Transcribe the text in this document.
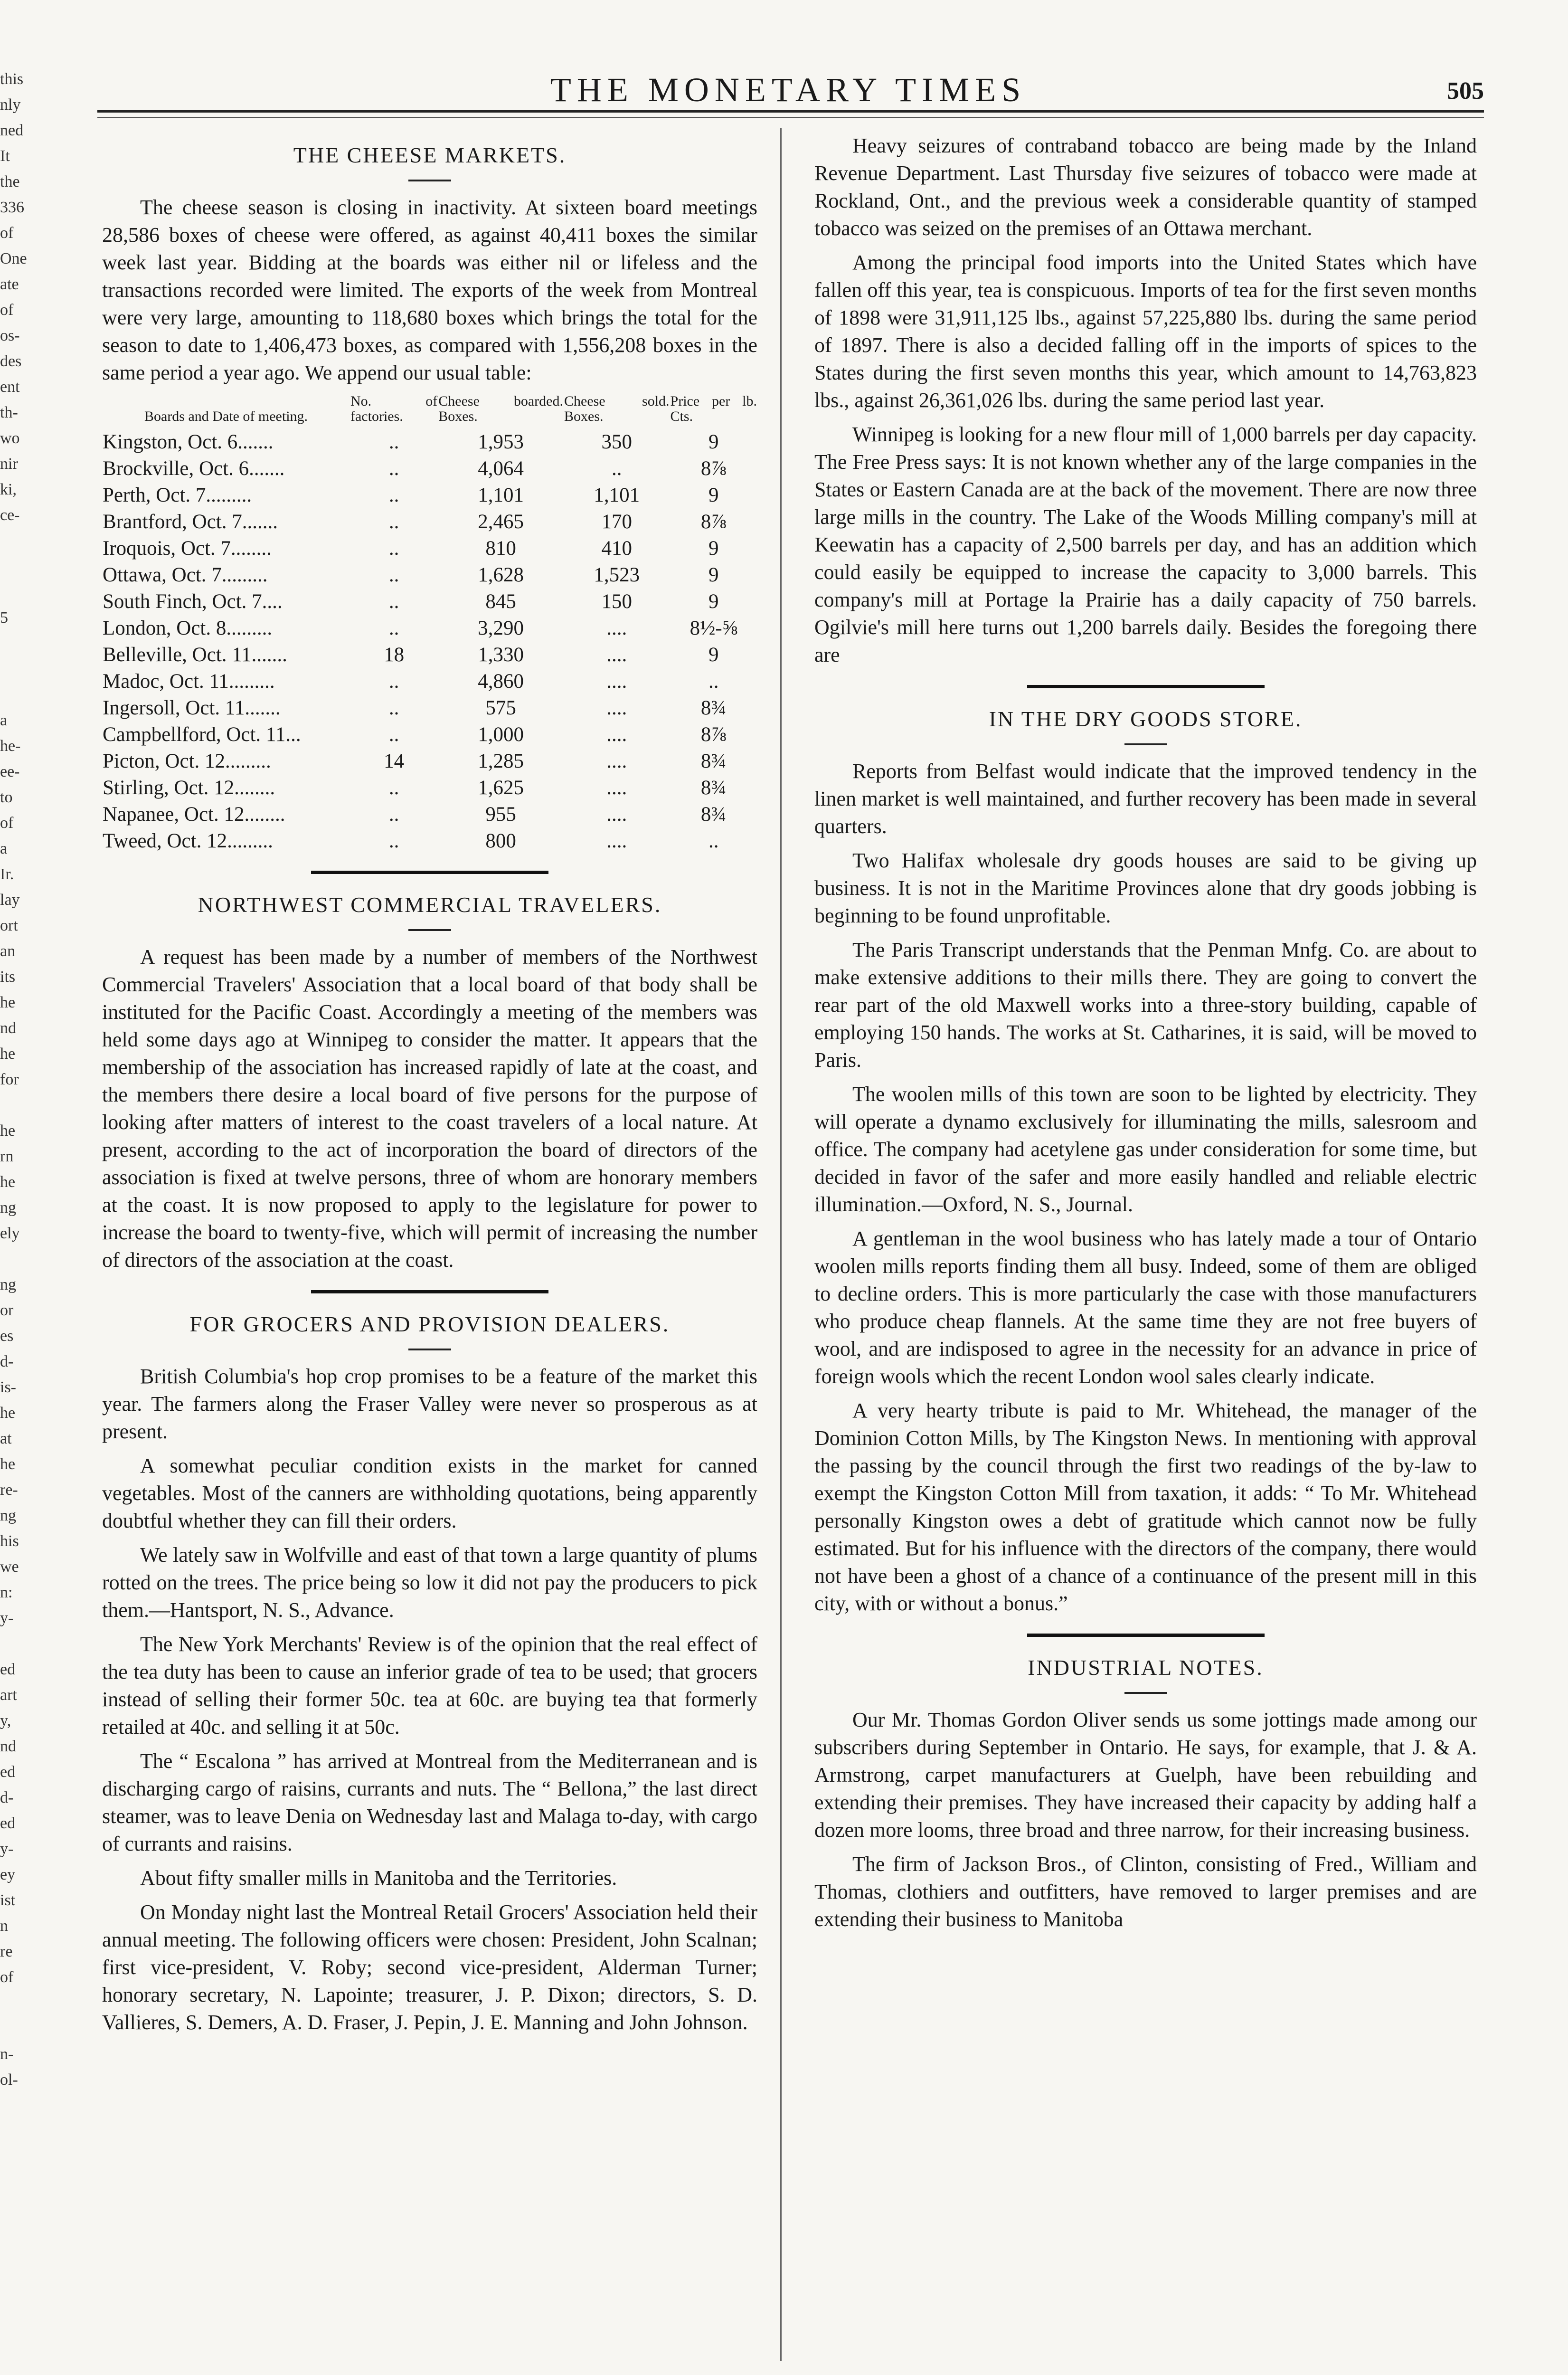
this
nly
ned
It
the
336
of
One
ate
of
os-
des
ent
th-
wo
nir
ki,
ce-
5
a
he-
ee-
to
of
a
Ir.
lay
ort
an
its
he
nd
he
for
he
rn
he
ng
ely
ng
or
es
d-
is-
he
at
he
re-
ng
his
we
n:
y-
ed
art
y,
nd
ed
d-
ed
y-
ey
ist
n
re
of
n-
ol-
THE MONETARY TIMES	505
THE CHEESE MARKETS.

The cheese season is closing in inactivity. At sixteen board meetings 28,586 boxes of cheese were offered, as against 40,411 boxes the similar week last year. Bidding at the boards was either nil or lifeless and the transactions recorded were limited. The exports of the week from Montreal were very large, amounting to 118,680 boxes which brings the total for the season to date to 1,406,473 boxes, as compared with 1,556,208 boxes in the same period a year ago. We append our usual table:

Boards and Date of meeting.	No. of factories.	Cheese boarded. Boxes.	Cheese sold. Boxes.	Price per lb. Cts.
Kingston, Oct. 6.......	..	1,953	350	9
Brockville, Oct. 6.......	..	4,064	..	8⅞
Perth, Oct. 7.........	..	1,101	1,101	9
Brantford, Oct. 7.......	..	2,465	170	8⅞
Iroquois, Oct. 7........	..	810	410	9
Ottawa, Oct. 7.........	..	1,628	1,523	9
South Finch, Oct. 7....	..	845	150	9
London, Oct. 8.........	..	3,290	....	8½-⅝
Belleville, Oct. 11.......	18	1,330	....	9
Madoc, Oct. 11.........	..	4,860	....	..
Ingersoll, Oct. 11.......	..	575	....	8¾
Campbellford, Oct. 11...	..	1,000	....	8⅞
Picton, Oct. 12.........	14	1,285	....	8¾
Stirling, Oct. 12........	..	1,625	....	8¾
Napanee, Oct. 12........	..	955	....	8¾
Tweed, Oct. 12.........	..	800	....	..
NORTHWEST COMMERCIAL TRAVELERS.

A request has been made by a number of members of the Northwest Commercial Travelers' Association that a local board of that body shall be instituted for the Pacific Coast. Accordingly a meeting of the members was held some days ago at Winnipeg to consider the matter. It appears that the membership of the association has increased rapidly of late at the coast, and the members there desire a local board of five persons for the purpose of looking after matters of interest to the coast travelers of a local nature. At present, according to the act of incorporation the board of directors of the association is fixed at twelve persons, three of whom are honorary members at the coast. It is now proposed to apply to the legislature for power to increase the board to twenty-five, which will permit of increasing the number of directors of the association at the coast.

FOR GROCERS AND PROVISION DEALERS.

British Columbia's hop crop promises to be a feature of the market this year. The farmers along the Fraser Valley were never so prosperous as at present.

A somewhat peculiar condition exists in the market for canned vegetables. Most of the canners are withholding quotations, being apparently doubtful whether they can fill their orders.

We lately saw in Wolfville and east of that town a large quantity of plums rotted on the trees. The price being so low it did not pay the producers to pick them.—Hantsport, N. S., Advance.

The New York Merchants' Review is of the opinion that the real effect of the tea duty has been to cause an inferior grade of tea to be used; that grocers instead of selling their former 50c. tea at 60c. are buying tea that formerly retailed at 40c. and selling it at 50c.

The “ Escalona ” has arrived at Montreal from the Mediterranean and is discharging cargo of raisins, currants and nuts. The “ Bellona,” the last direct steamer, was to leave Denia on Wednesday last and Malaga to-day, with cargo of currants and raisins.

About fifty smaller mills in Manitoba and the Territories.

On Monday night last the Montreal Retail Grocers' Association held their annual meeting. The following officers were chosen: President, John Scalnan; first vice-president, V. Roby; second vice-president, Alderman Turner; honorary secretary, N. Lapointe; treasurer, J. P. Dixon; directors, S. D. Vallieres, S. Demers, A. D. Fraser, J. Pepin, J. E. Manning and John Johnson.

Heavy seizures of contraband tobacco are being made by the Inland Revenue Department. Last Thursday five seizures of tobacco were made at Rockland, Ont., and the previous week a considerable quantity of stamped tobacco was seized on the premises of an Ottawa merchant.

Among the principal food imports into the United States which have fallen off this year, tea is conspicuous. Imports of tea for the first seven months of 1898 were 31,911,125 lbs., against 57,225,880 lbs. during the same period of 1897. There is also a decided falling off in the imports of spices to the States during the first seven months this year, which amount to 14,763,823 lbs., against 26,361,026 lbs. during the same period last year.

Winnipeg is looking for a new flour mill of 1,000 barrels per day capacity. The Free Press says: It is not known whether any of the large companies in the States or Eastern Canada are at the back of the movement. There are now three large mills in the country. The Lake of the Woods Milling company's mill at Keewatin has a capacity of 2,500 barrels per day, and has an addition which could easily be equipped to increase the capacity to 3,000 barrels. This company's mill at Portage la Prairie has a daily capacity of 750 barrels. Ogilvie's mill here turns out 1,200 barrels daily. Besides the foregoing there are

IN THE DRY GOODS STORE.

Reports from Belfast would indicate that the improved tendency in the linen market is well maintained, and further recovery has been made in several quarters.

Two Halifax wholesale dry goods houses are said to be giving up business. It is not in the Maritime Provinces alone that dry goods jobbing is beginning to be found unprofitable.

The Paris Transcript understands that the Penman Mnfg. Co. are about to make extensive additions to their mills there. They are going to convert the rear part of the old Maxwell works into a three-story building, capable of employing 150 hands. The works at St. Catharines, it is said, will be moved to Paris.

The woolen mills of this town are soon to be lighted by electricity. They will operate a dynamo exclusively for illuminating the mills, salesroom and office. The company had acetylene gas under consideration for some time, but decided in favor of the safer and more easily handled and reliable electric illumination.—Oxford, N. S., Journal.

A gentleman in the wool business who has lately made a tour of Ontario woolen mills reports finding them all busy. Indeed, some of them are obliged to decline orders. This is more particularly the case with those manufacturers who produce cheap flannels. At the same time they are not free buyers of wool, and are indisposed to agree in the necessity for an advance in price of foreign wools which the recent London wool sales clearly indicate.

A very hearty tribute is paid to Mr. Whitehead, the manager of the Dominion Cotton Mills, by The Kingston News. In mentioning with approval the passing by the council through the first two readings of the by-law to exempt the Kingston Cotton Mill from taxation, it adds: “ To Mr. Whitehead personally Kingston owes a debt of gratitude which cannot now be fully estimated. But for his influence with the directors of the company, there would not have been a ghost of a chance of a continuance of the present mill in this city, with or without a bonus.”

INDUSTRIAL NOTES.

Our Mr. Thomas Gordon Oliver sends us some jottings made among our subscribers during September in Ontario. He says, for example, that J. & A. Armstrong, carpet manufacturers at Guelph, have been rebuilding and extending their premises. They have increased their capacity by adding half a dozen more looms, three broad and three narrow, for their increasing business.

The firm of Jackson Bros., of Clinton, consisting of Fred., William and Thomas, clothiers and outfitters, have removed to larger premises and are extending their business to Manitoba
